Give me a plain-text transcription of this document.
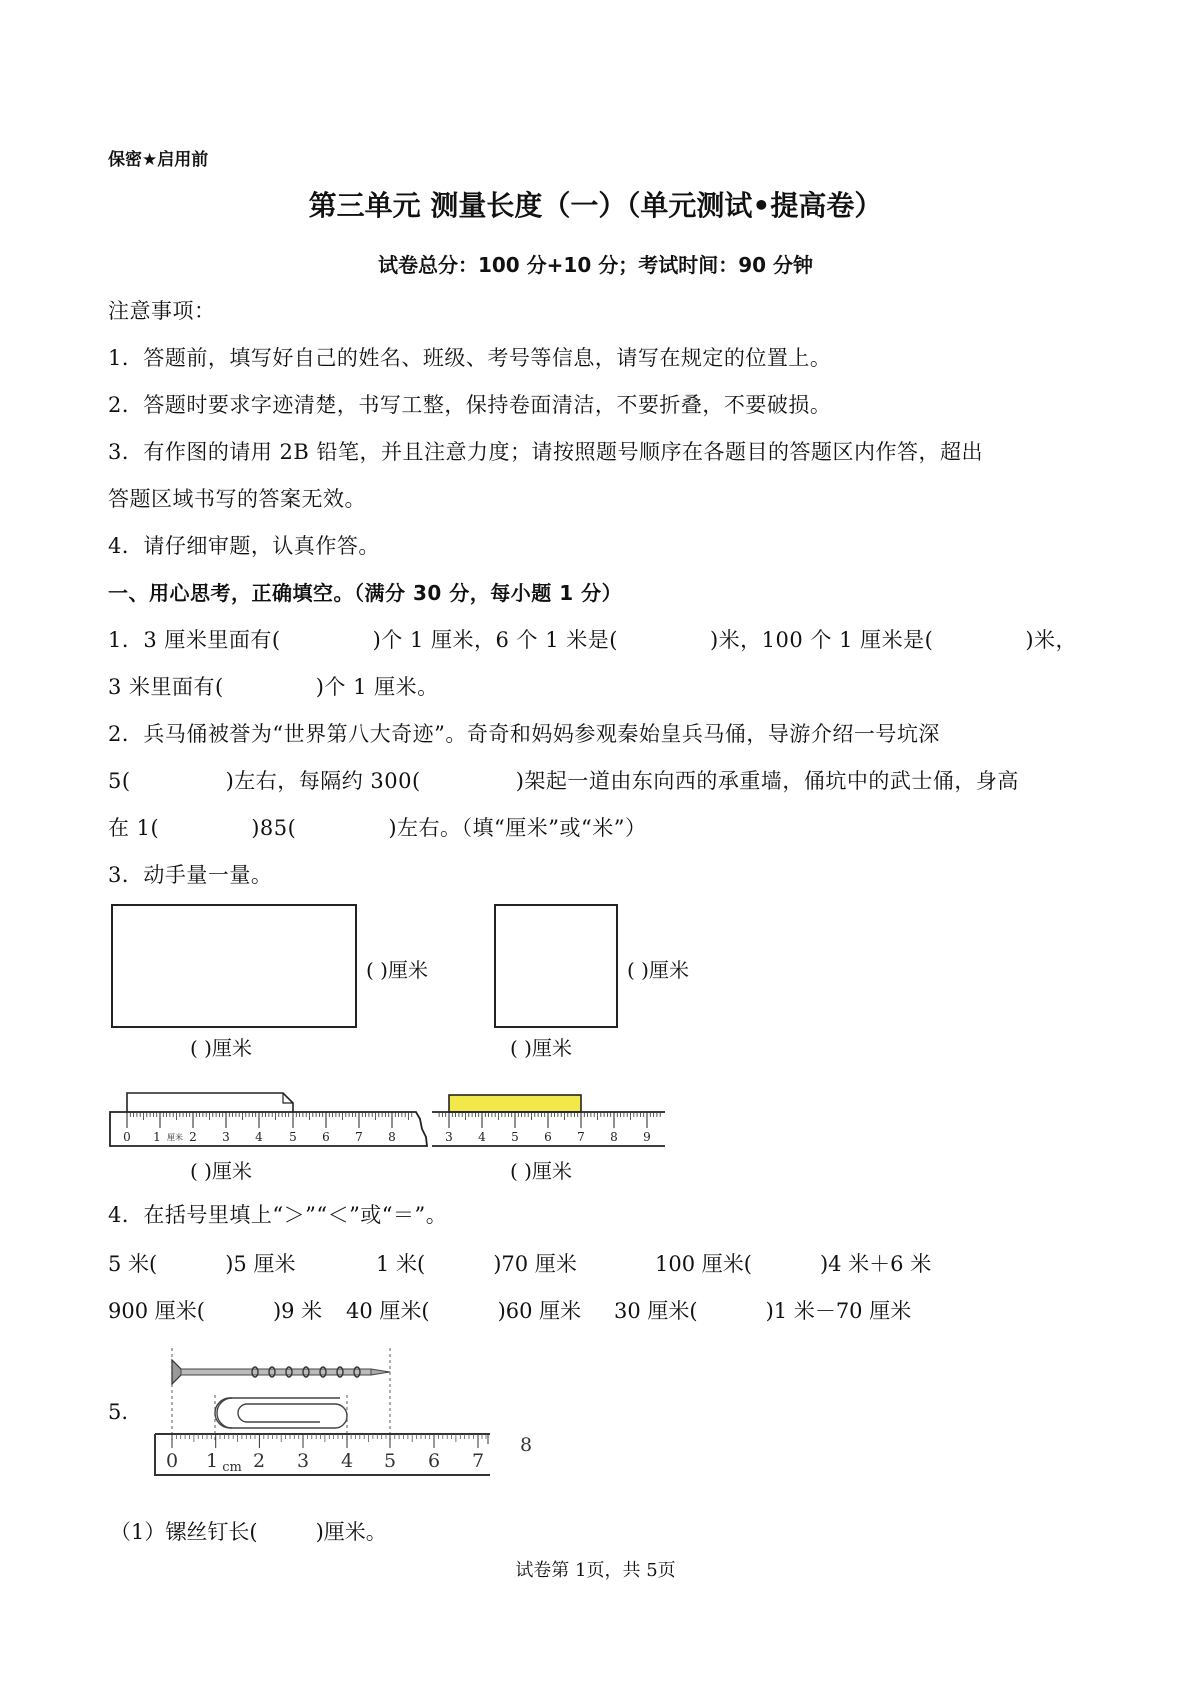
保密★启用前
第三单元 测量长度（一）（单元测试•提高卷）
试卷总分：100 分+10 分；考试时间：90 分钟
注意事项：
1．答题前，填写好自己的姓名、班级、考号等信息，请写在规定的位置上。
2．答题时要求字迹清楚，书写工整，保持卷面清洁，不要折叠，不要破损。
3．有作图的请用 2B 铅笔，并且注意力度；请按照题号顺序在各题目的答题区内作答，超出
答题区域书写的答案无效。
4．请仔细审题，认真作答。
一、用心思考，正确填空。（满分 30 分，每小题 1 分）
1．3 厘米里面有(	)个 1 厘米，6 个 1 米是(	)米，100 个 1 厘米是(	)米，
3 米里面有(	)个 1 厘米。
2．兵马俑被誉为“世界第八大奇迹”。奇奇和妈妈参观秦始皇兵马俑，导游介绍一号坑深
5(	)左右，每隔约 300(	)架起一道由东向西的承重墙，俑坑中的武士俑，身高
在 1(	)85(	)左右。（填“厘米”或“米”）
3．动手量一量。
( )厘米
( )厘米
( )厘米
( )厘米
0 1 厘米 2 3 4 5 6 7 8
( )厘米
3 4 5 6 7 8 9
( )厘米
4．在括号里填上“＞”“＜”或“＝”。
5 米(	)5 厘米	1 米(	)70 厘米	100 厘米(	)4 米＋6 米
900 厘米(	)9 米 40 厘米(	)60 厘米 30 厘米(	)1 米－70 厘米
5.
0 1 cm 2 3 4 5 6 7
8
（1）镙丝钉长(	)厘米。
试卷第 1页，共 5页
